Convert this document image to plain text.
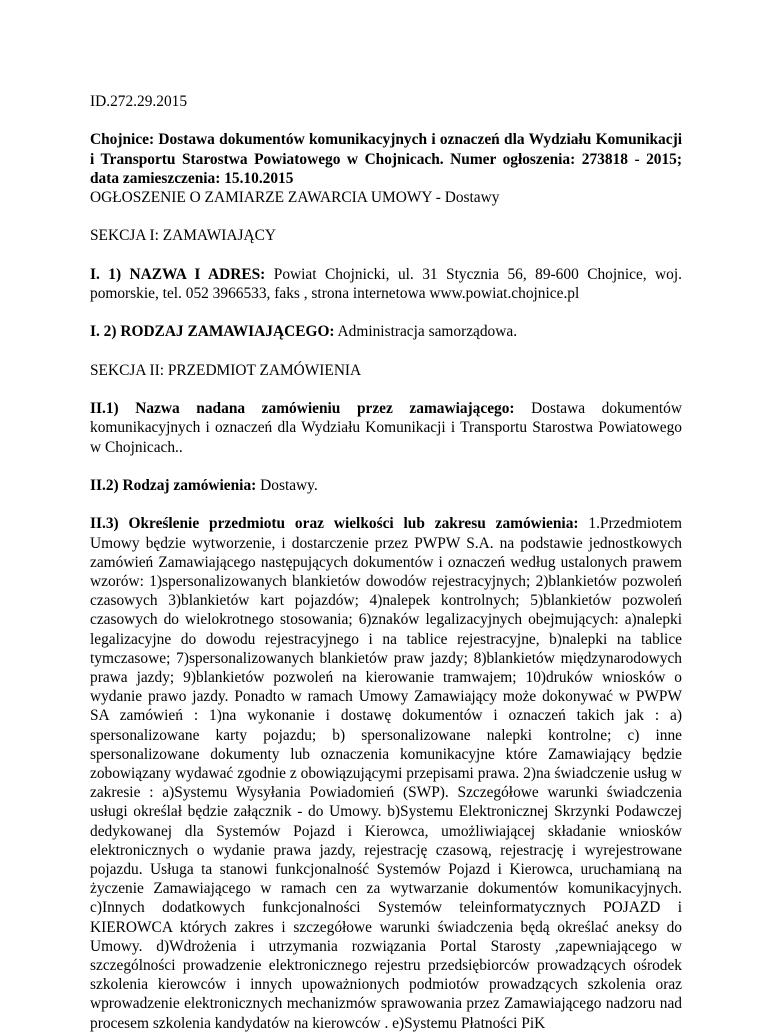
ID.272.29.2015

Chojnice: Dostawa dokumentów komunikacyjnych i oznaczeń dla Wydziału Komunikacji i Transportu Starostwa Powiatowego w Chojnicach. Numer ogłoszenia: 273818 - 2015; data zamieszczenia: 15.10.2015

OGŁOSZENIE O ZAMIARZE ZAWARCIA UMOWY - Dostawy

SEKCJA I: ZAMAWIAJĄCY

I. 1) NAZWA I ADRES: Powiat Chojnicki, ul. 31 Stycznia 56, 89-600 Chojnice, woj. pomorskie, tel. 052 3966533, faks , strona internetowa www.powiat.chojnice.pl

I. 2) RODZAJ ZAMAWIAJĄCEGO: Administracja samorządowa.

SEKCJA II: PRZEDMIOT ZAMÓWIENIA

II.1) Nazwa nadana zamówieniu przez zamawiającego: Dostawa dokumentów komunikacyjnych i oznaczeń dla Wydziału Komunikacji i Transportu Starostwa Powiatowego w Chojnicach..

II.2) Rodzaj zamówienia: Dostawy.

II.3) Określenie przedmiotu oraz wielkości lub zakresu zamówienia: 1.Przedmiotem Umowy będzie wytworzenie, i dostarczenie przez PWPW S.A. na podstawie jednostkowych zamówień Zamawiającego następujących dokumentów i oznaczeń według ustalonych prawem wzorów: 1)spersonalizowanych blankietów dowodów rejestracyjnych; 2)blankietów pozwoleń czasowych 3)blankietów kart pojazdów; 4)nalepek kontrolnych; 5)blankietów pozwoleń czasowych do wielokrotnego stosowania; 6)znaków legalizacyjnych obejmujących: a)nalepki legalizacyjne do dowodu rejestracyjnego i na tablice rejestracyjne, b)nalepki na tablice tymczasowe; 7)spersonalizowanych blankietów praw jazdy; 8)blankietów międzynarodowych prawa jazdy; 9)blankietów pozwoleń na kierowanie tramwajem; 10)druków wniosków o wydanie prawo jazdy. Ponadto w ramach Umowy Zamawiający może dokonywać w PWPW SA zamówień : 1)na wykonanie i dostawę dokumentów i oznaczeń takich jak : a) spersonalizowane karty pojazdu; b) spersonalizowane nalepki kontrolne; c) inne spersonalizowane dokumenty lub oznaczenia komunikacyjne które Zamawiający będzie zobowiązany wydawać zgodnie z obowiązującymi przepisami prawa. 2)na świadczenie usług w zakresie : a)Systemu Wysyłania Powiadomień (SWP). Szczegółowe warunki świadczenia usługi określał będzie załącznik - do Umowy. b)Systemu Elektronicznej Skrzynki Podawczej dedykowanej dla Systemów Pojazd i Kierowca, umożliwiającej składanie wniosków elektronicznych o wydanie prawa jazdy, rejestrację czasową, rejestrację i wyrejestrowane pojazdu. Usługa ta stanowi funkcjonalność Systemów Pojazd i Kierowca, uruchamianą na życzenie Zamawiającego w ramach cen za wytwarzanie dokumentów komunikacyjnych. c)Innych dodatkowych funkcjonalności Systemów teleinformatycznych POJAZD i KIEROWCA których zakres i szczegółowe warunki świadczenia będą określać aneksy do Umowy. d)Wdrożenia i utrzymania rozwiązania Portal Starosty ,zapewniającego w szczególności prowadzenie elektronicznego rejestru przedsiębiorców prowadzących ośrodek szkolenia kierowców i innych upoważnionych podmiotów prowadzących szkolenia oraz wprowadzenie elektronicznych mechanizmów sprawowania przez Zamawiającego nadzoru nad procesem szkolenia kandydatów na kierowców . e)Systemu Płatności PiK
